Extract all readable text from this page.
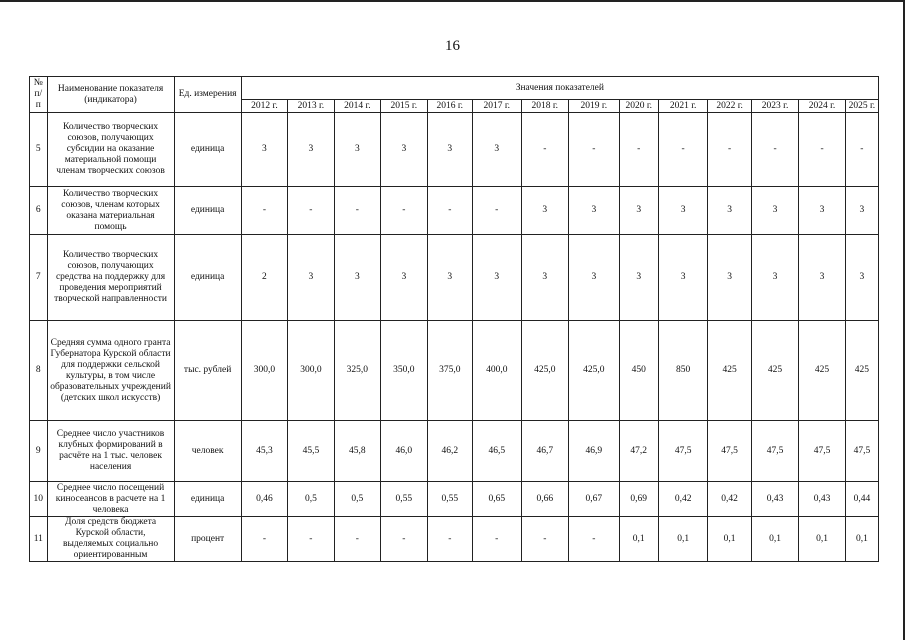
16
№ п/п	Наименование показателя (индикатора)	Ед. измерения	Значения показателей													
			2012 г.	2013 г.	2014 г.	2015 г.	2016 г.	2017 г.	2018 г.	2019 г.	2020 г.	2021 г.	2022 г.	2023 г.	2024 г.	2025 г.
5	Количество творческих союзов, получающих субсидии на оказание материальной помощи членам творческих союзов	единица	3	3	3	3	3	3	-	-	-	-	-	-	-	-
6	Количество творческих союзов, членам которых оказана материальная помощь	единица	-	-	-	-	-	-	3	3	3	3	3	3	3	3
7	Количество творческих союзов, получающих средства на поддержку для проведения мероприятий творческой направленности	единица	2	3	3	3	3	3	3	3	3	3	3	3	3	3
8	Средняя сумма одного гранта Губернатора Курской области для поддержки сельской культуры, в том числе образовательных учреждений (детских школ искусств)	тыс. рублей	300,0	300,0	325,0	350,0	375,0	400,0	425,0	425,0	450	850	425	425	425	425
9	Среднее число участников клубных формирований в расчёте на 1 тыс. человек населения	человек	45,3	45,5	45,8	46,0	46,2	46,5	46,7	46,9	47,2	47,5	47,5	47,5	47,5	47,5
10	Среднее число посещений киносеансов в расчете на 1 человека	единица	0,46	0,5	0,5	0,55	0,55	0,65	0,66	0,67	0,69	0,42	0,42	0,43	0,43	0,44
11	Доля средств бюджета Курской области, выделяемых социально ориентированным	процент	-	-	-	-	-	-	-	-	0,1	0,1	0,1	0,1	0,1	0,1
